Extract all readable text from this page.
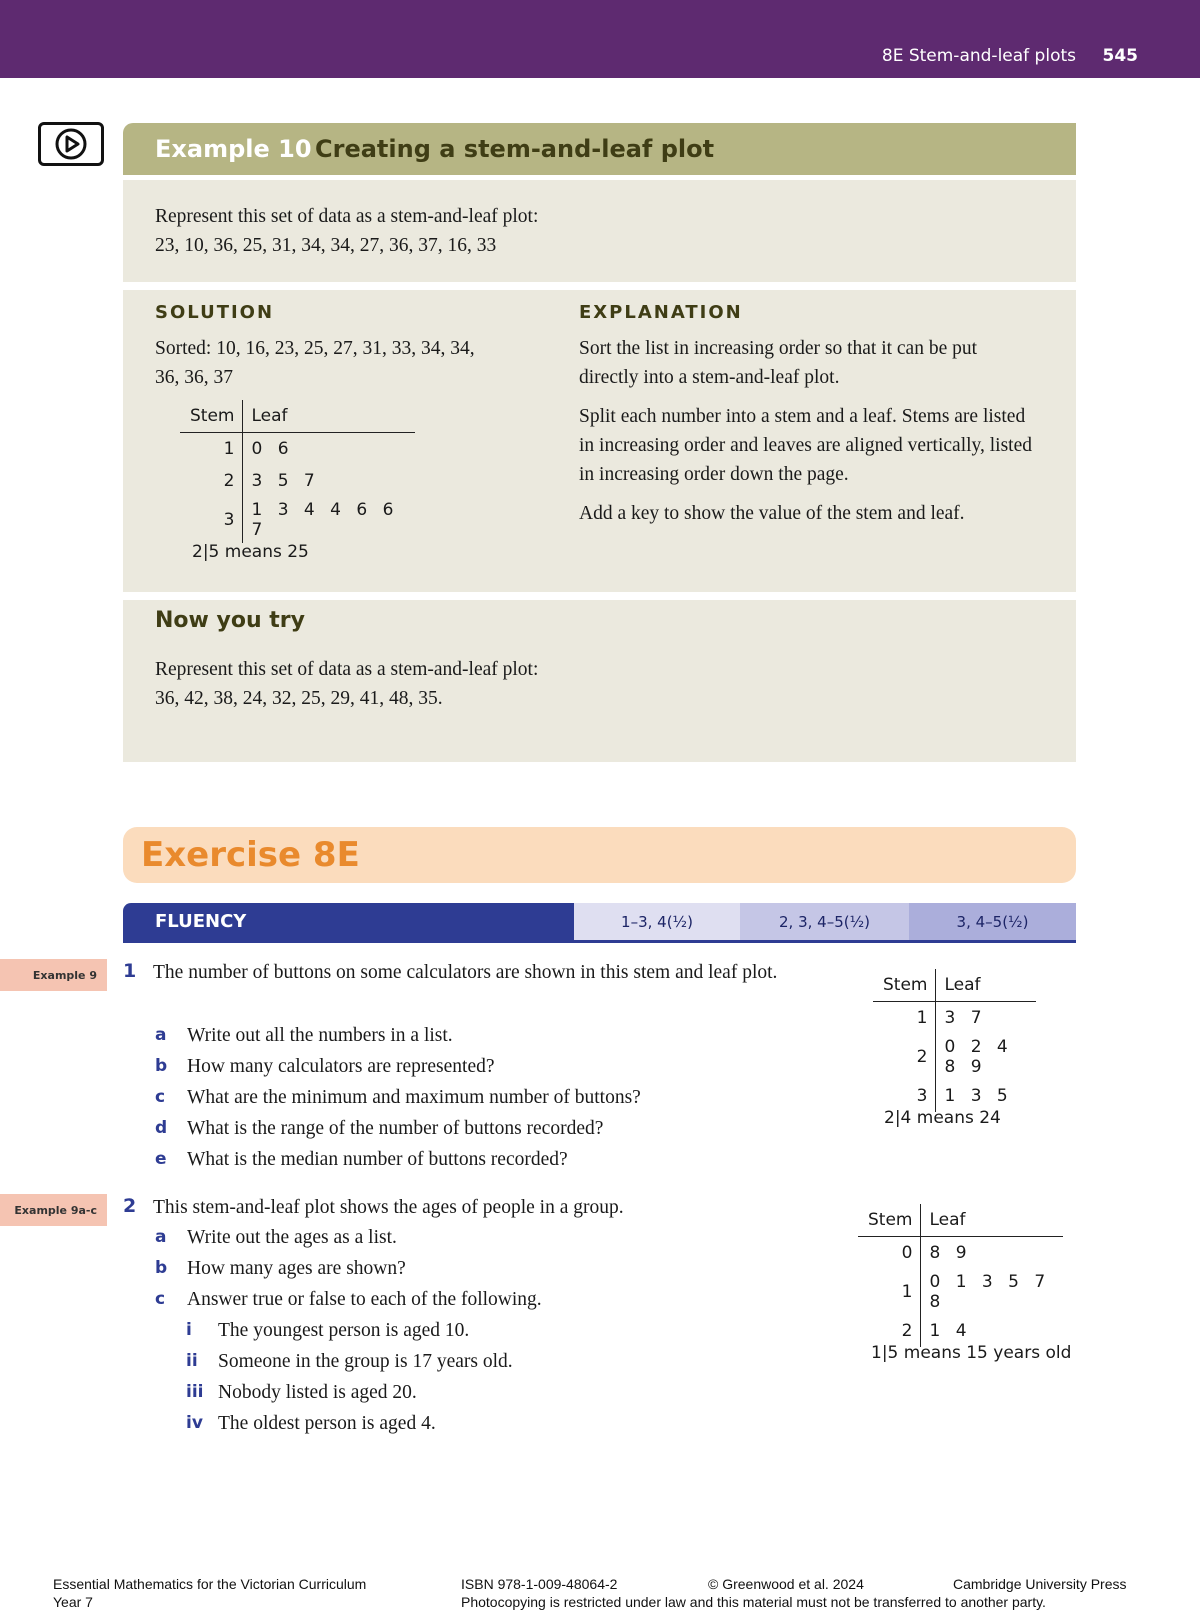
8E Stem-and-leaf plots 545
Example 10 Creating a stem-and-leaf plot
Represent this set of data as a stem-and-leaf plot:
23, 10, 36, 25, 31, 34, 34, 27, 36, 37, 16, 33
SOLUTION	EXPLANATION
Sorted: 10, 16, 23, 25, 27, 31, 33, 34, 34,
36, 36, 37
Stem	Leaf
1	0 6
2	3 5 7
3	1 3 4 4 6 6 7
2|5 means 25
Sort the list in increasing order so that it can be put directly into a stem-and-leaf plot.
Split each number into a stem and a leaf. Stems are listed in increasing order and leaves are aligned vertically, listed in increasing order down the page.
Add a key to show the value of the stem and leaf.
Now you try
Represent this set of data as a stem-and-leaf plot:
36, 42, 38, 24, 32, 25, 29, 41, 48, 35.
Exercise 8E
FLUENCY	1–3, 4(½)	2, 3, 4–5(½)	3, 4–5(½)
Example 9	1 The number of buttons on some calculators are shown in this stem and leaf plot.
a Write out all the numbers in a list.
b How many calculators are represented?
c What are the minimum and maximum number of buttons?
d What is the range of the number of buttons recorded?
e What is the median number of buttons recorded?
Stem	Leaf
1	3 7
2	0 2 4 8 9
3	1 3 5
2|4 means 24
Example 9a-c	2 This stem-and-leaf plot shows the ages of people in a group.
a Write out the ages as a list.
b How many ages are shown?
c Answer true or false to each of the following.
i The youngest person is aged 10.
ii Someone in the group is 17 years old.
iii Nobody listed is aged 20.
iv The oldest person is aged 4.
Stem	Leaf
0	8 9
1	0 1 3 5 7 8
2	1 4
1|5 means 15 years old
Essential Mathematics for the Victorian Curriculum
Year 7
ISBN 978-1-009-48064-2	© Greenwood et al. 2024	Cambridge University Press
Photocopying is restricted under law and this material must not be transferred to another party.
